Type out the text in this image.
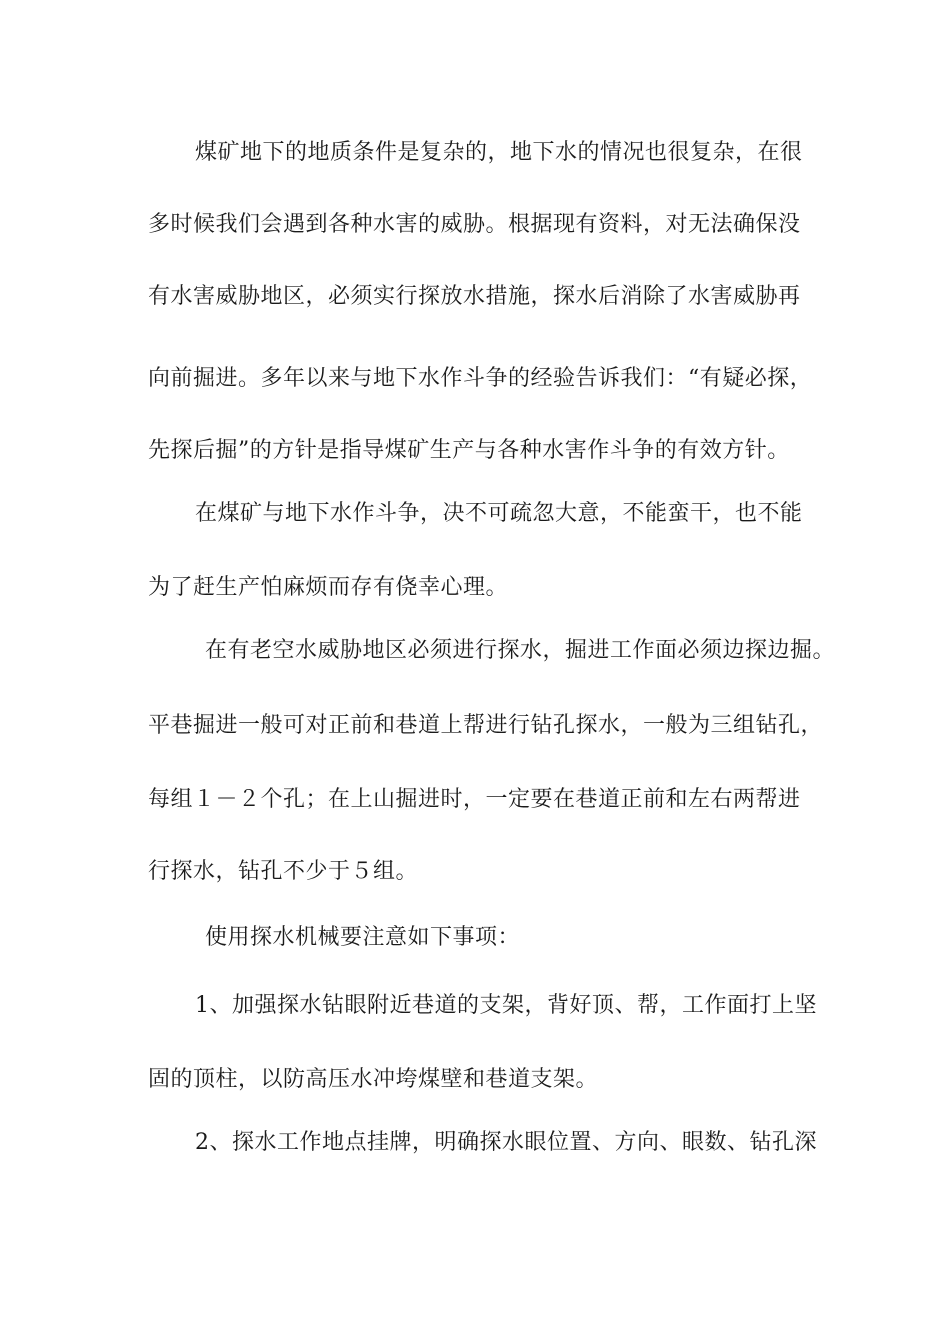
煤矿地下的地质条件是复杂的，地下水的情况也很复杂，在很
多时候我们会遇到各种水害的威胁。根据现有资料，对无法确保没
有水害威胁地区，必须实行探放水措施，探水后消除了水害威胁再
向前掘进。多年以来与地下水作斗争的经验告诉我们：“有疑必探，
先探后掘”的方针是指导煤矿生产与各种水害作斗争的有效方针。
在煤矿与地下水作斗争，决不可疏忽大意，不能蛮干，也不能
为了赶生产怕麻烦而存有侥幸心理。
在有老空水威胁地区必须进行探水，掘进工作面必须边探边掘。
平巷掘进一般可对正前和巷道上帮进行钻孔探水，一般为三组钻孔，
每组１－２个孔；在上山掘进时，一定要在巷道正前和左右两帮进
行探水，钻孔不少于５组。
使用探水机械要注意如下事项：
1、加强探水钻眼附近巷道的支架，背好顶、帮，工作面打上坚
固的顶柱，以防高压水冲垮煤壁和巷道支架。
2、探水工作地点挂牌，明确探水眼位置、方向、眼数、钻孔深
